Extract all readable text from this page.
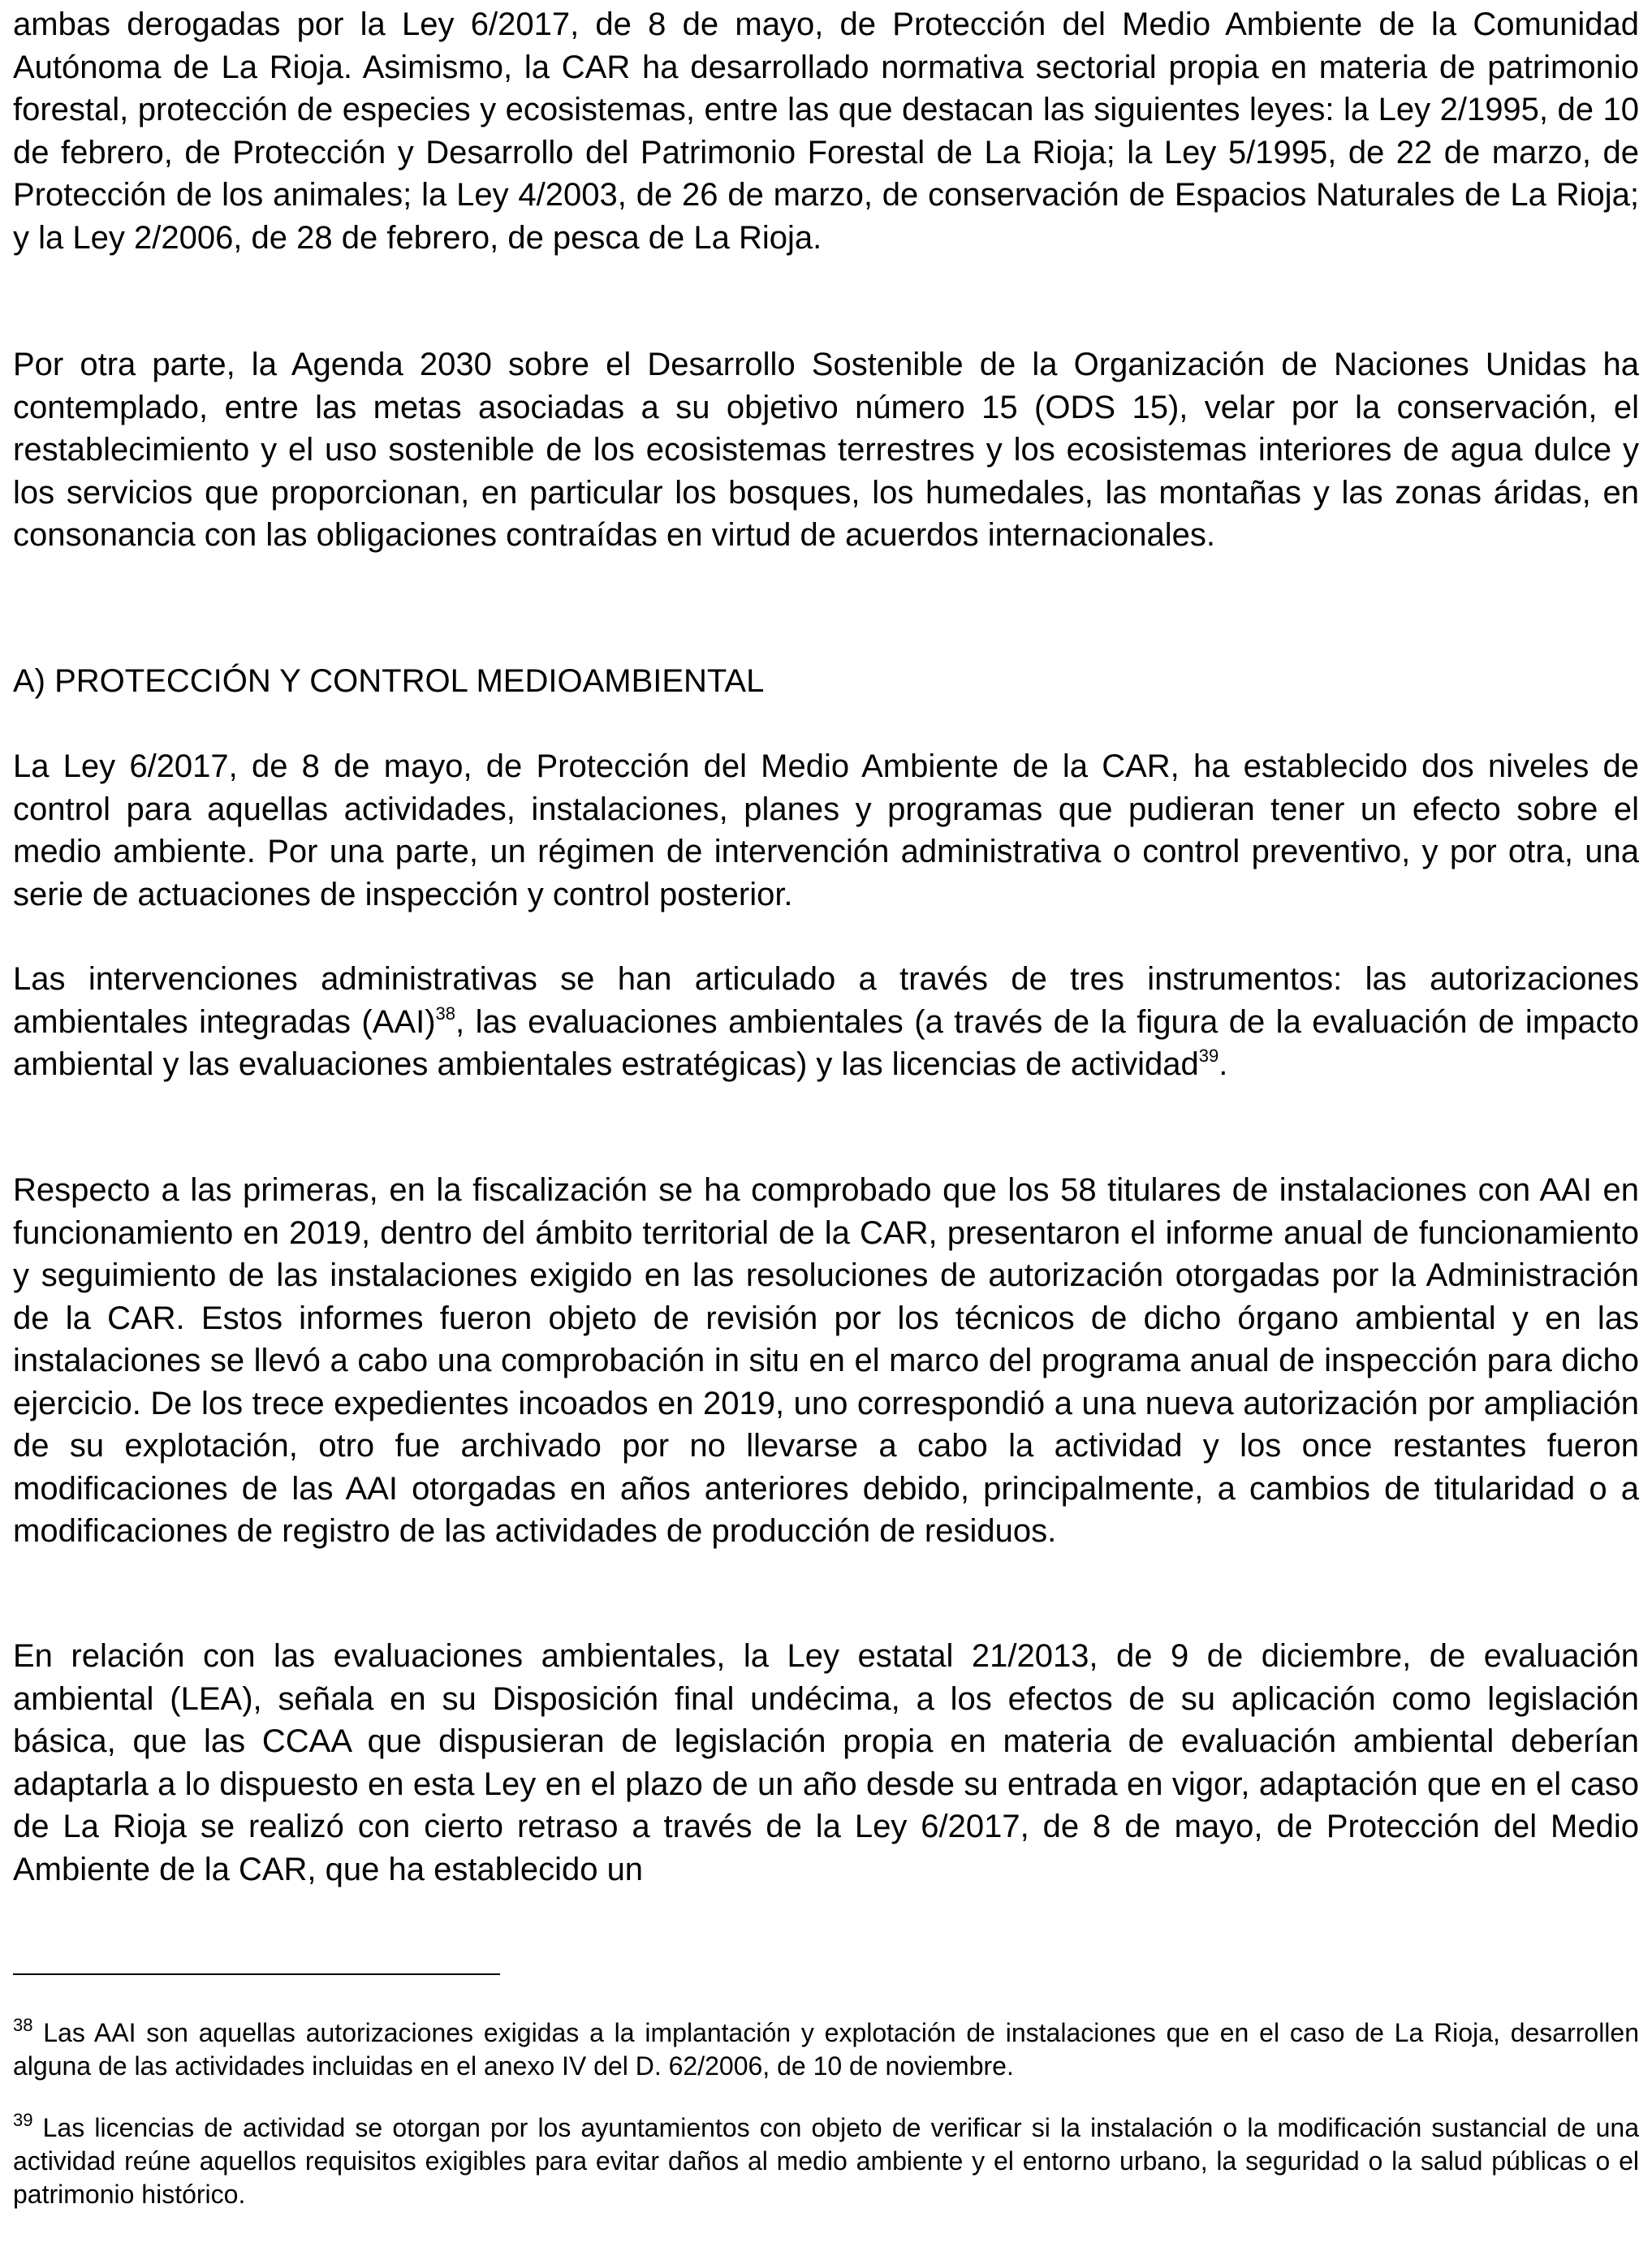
ambas derogadas por la Ley 6/2017, de 8 de mayo, de Protección del Medio Ambiente de la Comunidad Autónoma de La Rioja. Asimismo, la CAR ha desarrollado normativa sectorial propia en materia de patrimonio forestal, protección de especies y ecosistemas, entre las que destacan las siguientes leyes: la Ley 2/1995, de 10 de febrero, de Protección y Desarrollo del Patrimonio Forestal de La Rioja; la Ley 5/1995, de 22 de marzo, de Protección de los animales; la Ley 4/2003, de 26 de marzo, de conservación de Espacios Naturales de La Rioja; y la Ley 2/2006, de 28 de febrero, de pesca de La Rioja.

Por otra parte, la Agenda 2030 sobre el Desarrollo Sostenible de la Organización de Naciones Unidas ha contemplado, entre las metas asociadas a su objetivo número 15 (ODS 15), velar por la conservación, el restablecimiento y el uso sostenible de los ecosistemas terrestres y los ecosistemas interiores de agua dulce y los servicios que proporcionan, en particular los bosques, los humedales, las montañas y las zonas áridas, en consonancia con las obligaciones contraídas en virtud de acuerdos internacionales.

A) PROTECCIÓN Y CONTROL MEDIOAMBIENTAL

La Ley 6/2017, de 8 de mayo, de Protección del Medio Ambiente de la CAR, ha establecido dos niveles de control para aquellas actividades, instalaciones, planes y programas que pudieran tener un efecto sobre el medio ambiente. Por una parte, un régimen de intervención administrativa o control preventivo, y por otra, una serie de actuaciones de inspección y control posterior.

Las intervenciones administrativas se han articulado a través de tres instrumentos: las autorizaciones ambientales integradas (AAI)$^{38}$, las evaluaciones ambientales (a través de la figura de la evaluación de impacto ambiental y las evaluaciones ambientales estratégicas) y las licencias de actividad$^{39}$.

Respecto a las primeras, en la fiscalización se ha comprobado que los 58 titulares de instalaciones con AAI en funcionamiento en 2019, dentro del ámbito territorial de la CAR, presentaron el informe anual de funcionamiento y seguimiento de las instalaciones exigido en las resoluciones de autorización otorgadas por la Administración de la CAR. Estos informes fueron objeto de revisión por los técnicos de dicho órgano ambiental y en las instalaciones se llevó a cabo una comprobación in situ en el marco del programa anual de inspección para dicho ejercicio. De los trece expedientes incoados en 2019, uno correspondió a una nueva autorización por ampliación de su explotación, otro fue archivado por no llevarse a cabo la actividad y los once restantes fueron modificaciones de las AAI otorgadas en años anteriores debido, principalmente, a cambios de titularidad o a modificaciones de registro de las actividades de producción de residuos.

En relación con las evaluaciones ambientales, la Ley estatal 21/2013, de 9 de diciembre, de evaluación ambiental (LEA), señala en su Disposición final undécima, a los efectos de su aplicación como legislación básica, que las CCAA que dispusieran de legislación propia en materia de evaluación ambiental deberían adaptarla a lo dispuesto en esta Ley en el plazo de un año desde su entrada en vigor, adaptación que en el caso de La Rioja se realizó con cierto retraso a través de la Ley 6/2017, de 8 de mayo, de Protección del Medio Ambiente de la CAR, que ha establecido un

$^{38}$ Las AAI son aquellas autorizaciones exigidas a la implantación y explotación de instalaciones que en el caso de La Rioja, desarrollen alguna de las actividades incluidas en el anexo IV del D. 62/2006, de 10 de noviembre.

$^{39}$ Las licencias de actividad se otorgan por los ayuntamientos con objeto de verificar si la instalación o la modificación sustancial de una actividad reúne aquellos requisitos exigibles para evitar daños al medio ambiente y el entorno urbano, la seguridad o la salud públicas o el patrimonio histórico.
